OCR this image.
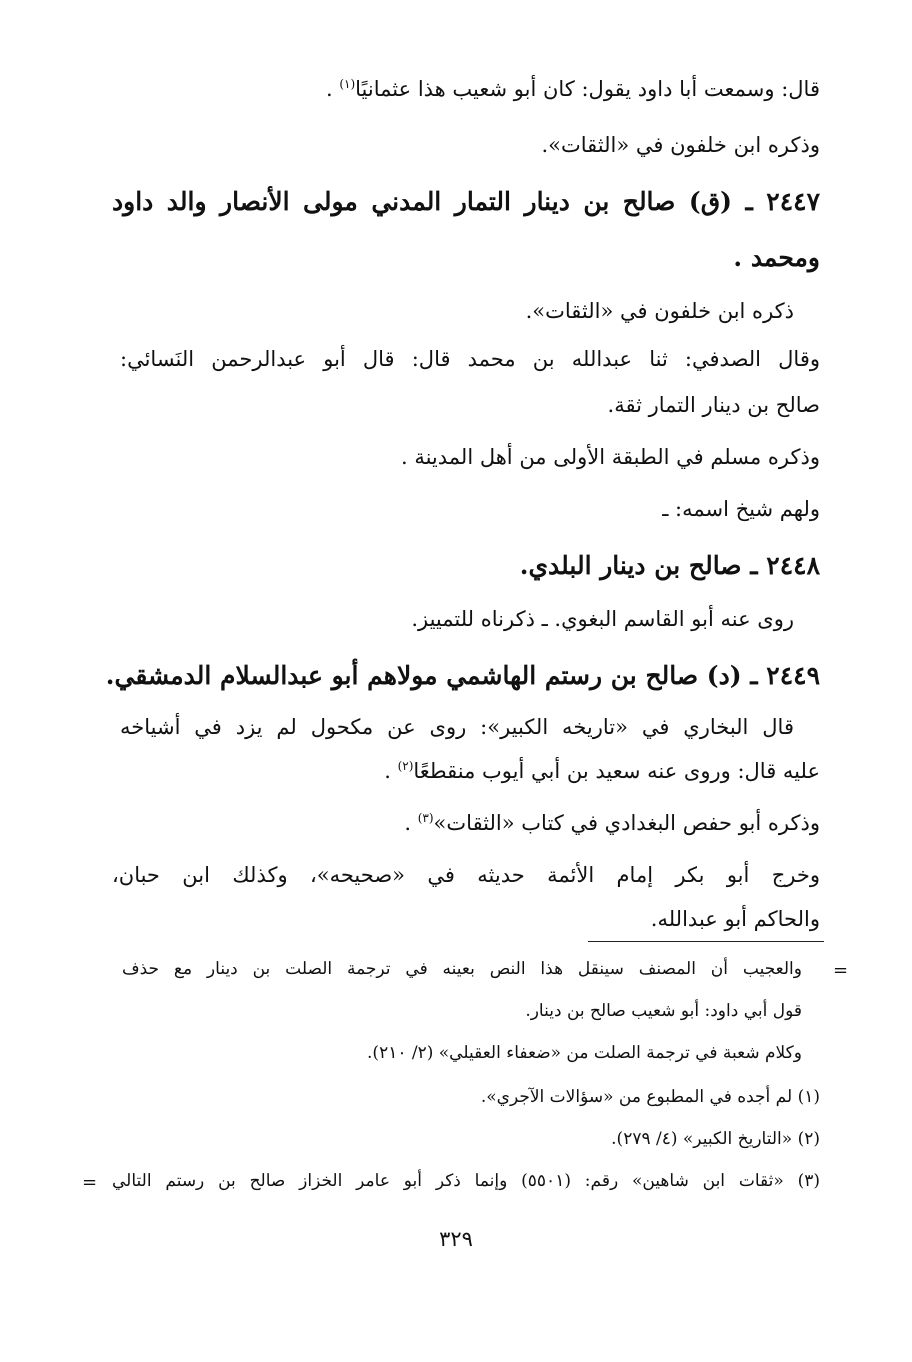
قال: وسمعت أبا داود يقول: كان أبو شعيب هذا عثمانيًا$^{(١)}$ .
وذكره ابن خلفون في «الثقات».
٢٤٤٧ ـ (ق) صالح بن دينار التمار المدني مولى الأنصار والد داود
ومحمد .
ذكره ابن خلفون في «الثقات».
وقال الصدفي: ثنا عبدالله بن محمد قال: قال أبو عبدالرحمن النَسائي:
صالح بن دينار التمار ثقة.
وذكره مسلم في الطبقة الأولى من أهل المدينة .
ولهم شيخ اسمه: ـ
٢٤٤٨ ـ صالح بن دينار البلدي.
روى عنه أبو القاسم البغوي. ـ ذكرناه للتمييز.
٢٤٤٩ ـ (د) صالح بن رستم الهاشمي مولاهم أبو عبدالسلام الدمشقي.
قال البخاري في «تاريخه الكبير»: روى عن مكحول لم يزد في أشياخه
عليه قال: وروى عنه سعيد بن أبي أيوب منقطعًا$^{(٢)}$ .
وذكره أبو حفص البغدادي في كتاب «الثقات»$^{(٣)}$ .
وخرج أبو بكر إمام الأئمة حديثه في «صحيحه»، وكذلك ابن حبان،
والحاكم أبو عبدالله.
=
والعجيب أن المصنف سينقل هذا النص بعينه في ترجمة الصلت بن دينار مع حذف
قول أبي داود: أبو شعيب صالح بن دينار.
وكلام شعبة في ترجمة الصلت من «ضعفاء العقيلي» (٢/ ٢١٠).
(١) لم أجده في المطبوع من «سؤالات الآجري».
(٢) «التاريخ الكبير» (٤/ ٢٧٩).
(٣) «ثقات ابن شاهين» رقم: (٥٥٠١) وإنما ذكر أبو عامر الخزاز صالح بن رستم التالي
=
٣٢٩
